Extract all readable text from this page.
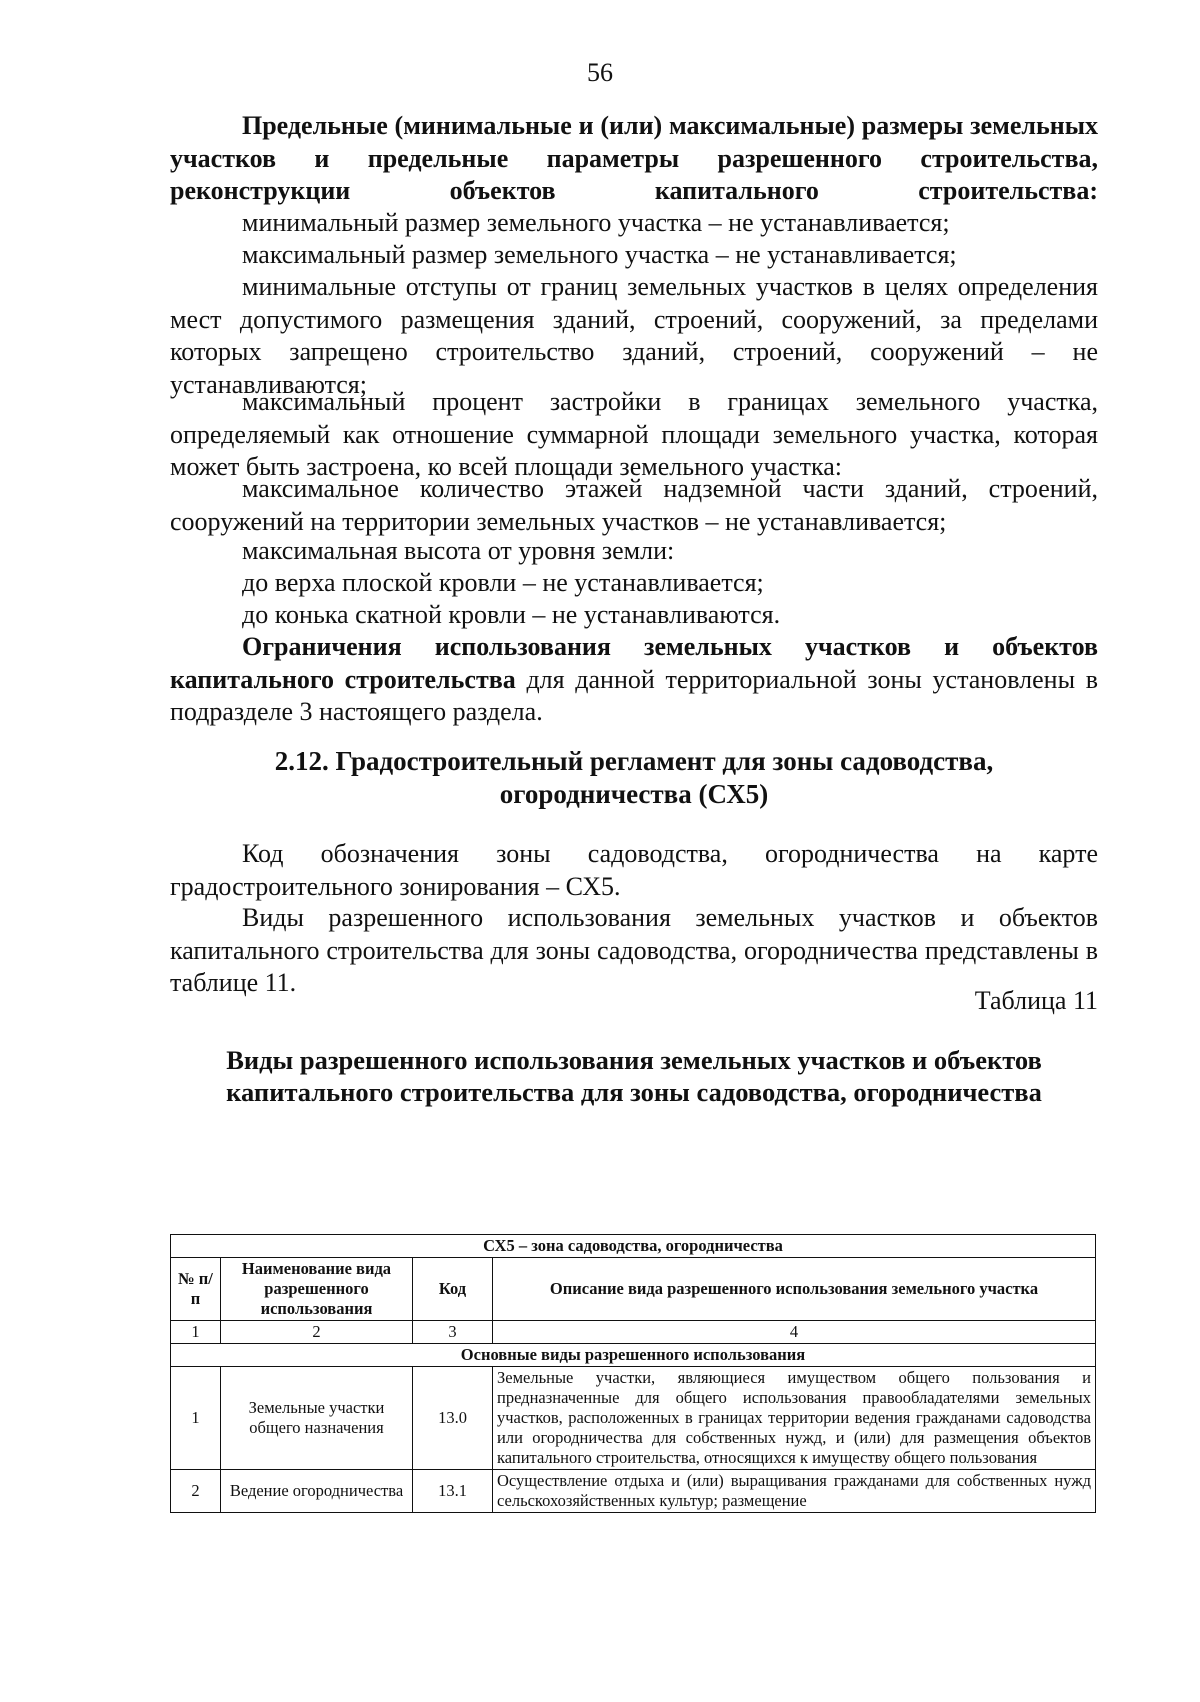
56
Предельные (минимальные и (или) максимальные) размеры земельных участков и предельные параметры разрешенного строительства, реконструкции объектов капитального строительства:
минимальный размер земельного участка – не устанавливается;
максимальный размер земельного участка – не устанавливается;
минимальные отступы от границ земельных участков в целях определения мест допустимого размещения зданий, строений, сооружений, за пределами которых запрещено строительство зданий, строений, сооружений – не устанавливаются;
максимальный процент застройки в границах земельного участка, определяемый как отношение суммарной площади земельного участка, которая может быть застроена, ко всей площади земельного участка:
максимальное количество этажей надземной части зданий, строений, сооружений на территории земельных участков – не устанавливается;
максимальная высота от уровня земли:
до верха плоской кровли – не устанавливается;
до конька скатной кровли – не устанавливаются.
Ограничения использования земельных участков и объектов капитального строительства для данной территориальной зоны установлены в подразделе 3 настоящего раздела.
2.12. Градостроительный регламент для зоны садоводства,
огородничества (СХ5)
Код обозначения зоны садоводства, огородничества на карте градостроительного зонирования – СХ5.
Виды разрешенного использования земельных участков и объектов капитального строительства для зоны садоводства, огородничества представлены в таблице 11.
Таблица 11
Виды разрешенного использования земельных участков и объектов
капитального строительства для зоны садоводства, огородничества
СХ5 – зона садоводства, огородничества			
№ п/п	Наименование вида разрешенного использования	Код	Описание вида разрешенного использования земельного участка
1	2	3	4
Основные виды разрешенного использования			
1	Земельные участки общего назначения	13.0	Земельные участки, являющиеся имуществом общего пользования и предназначенные для общего использования правообладателями земельных участков, расположенных в границах территории ведения гражданами садоводства или огородничества для собственных нужд, и (или) для размещения объектов капитального строительства, относящихся к имуществу общего пользования
2	Ведение огородничества	13.1	Осуществление отдыха и (или) выращивания гражданами для собственных нужд сельскохозяйственных культур; размещение
